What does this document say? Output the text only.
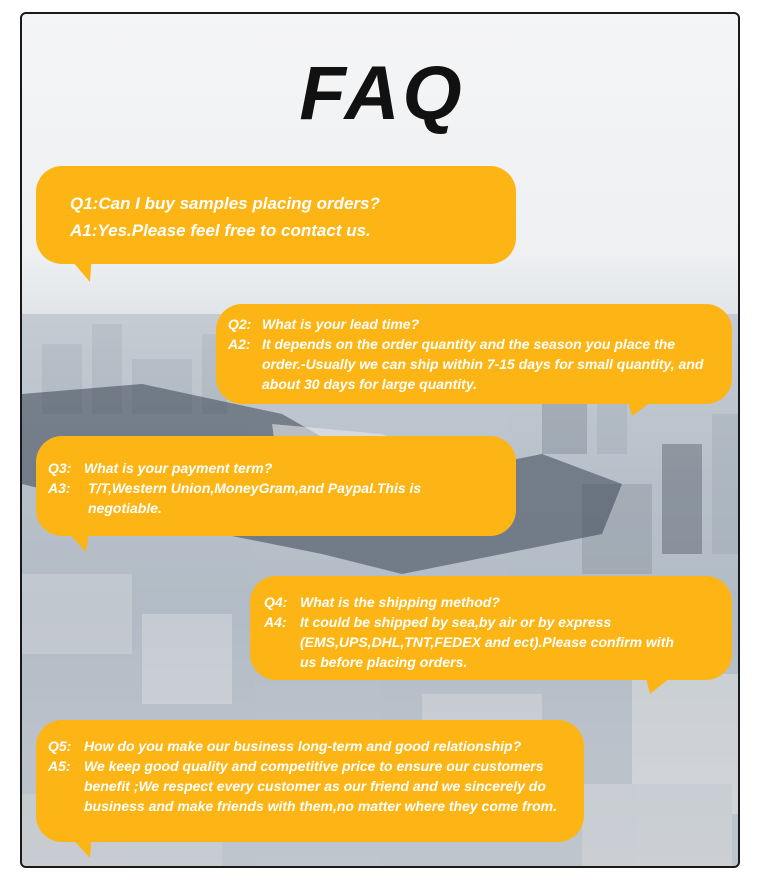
FAQ
Q1: Can I buy samples placing orders?
A1: Yes.Please feel free to contact us.
Q2: What is your lead time?
A2: It depends on the order quantity and the season you place the order.-Usually we can ship within 7-15 days for small quantity, and about 30 days for large quantity.
Q3: What is your payment term?
A3:	T/T,Western Union,MoneyGram,and Paypal.This is negotiable.
Q4: What is the shipping method?
A4: It could be shipped by sea,by air or by express (EMS,UPS,DHL,TNT,FEDEX and ect).Please confirm with us before placing orders.
Q5: How do you make our business long-term and good relationship?
A5: We keep good quality and competitive price to ensure our customers benefit ;We respect every customer as our friend and we sincerely do business and make friends with them,no matter where they come from.
